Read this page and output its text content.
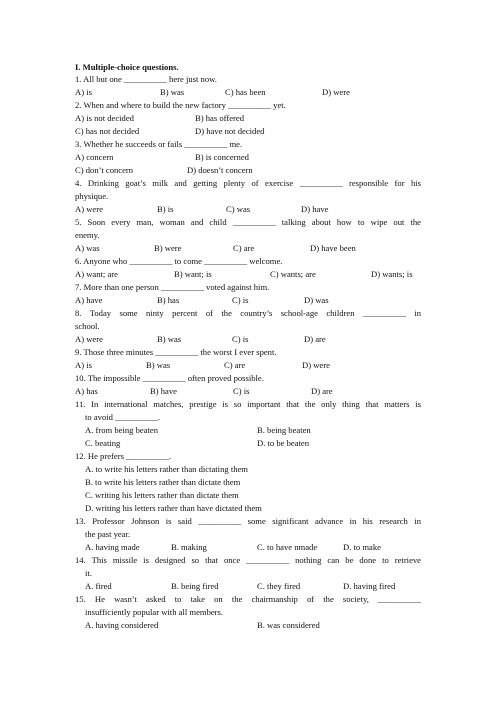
I. Multiple-choice questions.
1. All but one __________ here just now.
A) is	B) was	C) has been	D) were
2. When and where to build the new factory __________ yet.
A) is not decided	B) has offered
C) has not decided	D) have not decided
3. Whether he succeeds or fails __________ me.
A) concern	B) is concerned
C) don’t concern	D) doesn’t concern
4. Drinking goat’s milk and getting plenty of exercise __________ responsible for his
physique.
A) were	B) is	C) was	D) have
5. Soon every man, woman and child __________ talking about how to wipe out the
enemy.
A) was	B) were	C) are	D) have been
6. Anyone who __________ to come __________ welcome.
A) want; are	B) want; is	C) wants; are	D) wants; is
7. More than one person __________ voted against him.
A) have	B) has	C) is	D) was
8. Today some ninty percent of the country’s school-age children __________ in
school.
A) were	B) was	C) is	D) are
9. Those three minutes __________ the worst I ever spent.
A) is	B) was	C) are	D) were
10. The impossible __________ often proved possible.
A) has	B) have	C) is	D) are
11. In international matches, prestige is so important that the only thing that matters is
to avoid __________.
A. from being beaten	B. being beaten
C. beating	D. to be beaten
12. He prefers __________.
A. to write his letters rather than dictating them
B. to write his letters rather than dictate them
C. writing his letters rather than dictate them
D. writing his letters rather than have dictated them
13. Professor Johnson is said __________ some significant advance in his research in
the past year.
A. having made	B. making	C. to have nmade	D. to make
14. This missile is designed so that once __________ nothing can be done to retrieve
it.
A. fired	B. being fired	C. they fired	D. having fired
15. He wasn’t asked to take on the chairmanship of the society, __________
insufficiently popular with all members.
A. having considered	B. was considered
